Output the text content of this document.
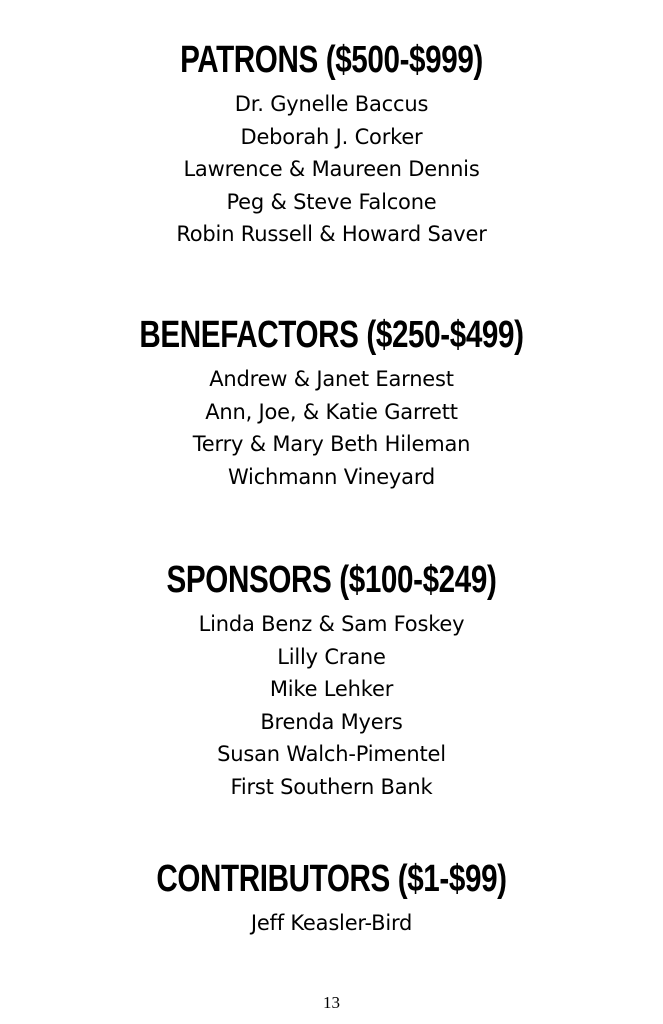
PATRONS ($500-$999)
Dr. Gynelle Baccus
Deborah J. Corker
Lawrence & Maureen Dennis
Peg & Steve Falcone
Robin Russell & Howard Saver
BENEFACTORS ($250-$499)
Andrew & Janet Earnest
Ann, Joe, & Katie Garrett
Terry & Mary Beth Hileman
Wichmann Vineyard
SPONSORS ($100-$249)
Linda Benz & Sam Foskey
Lilly Crane
Mike Lehker
Brenda Myers
Susan Walch-Pimentel
First Southern Bank
CONTRIBUTORS ($1-$99)
Jeff Keasler-Bird
13
